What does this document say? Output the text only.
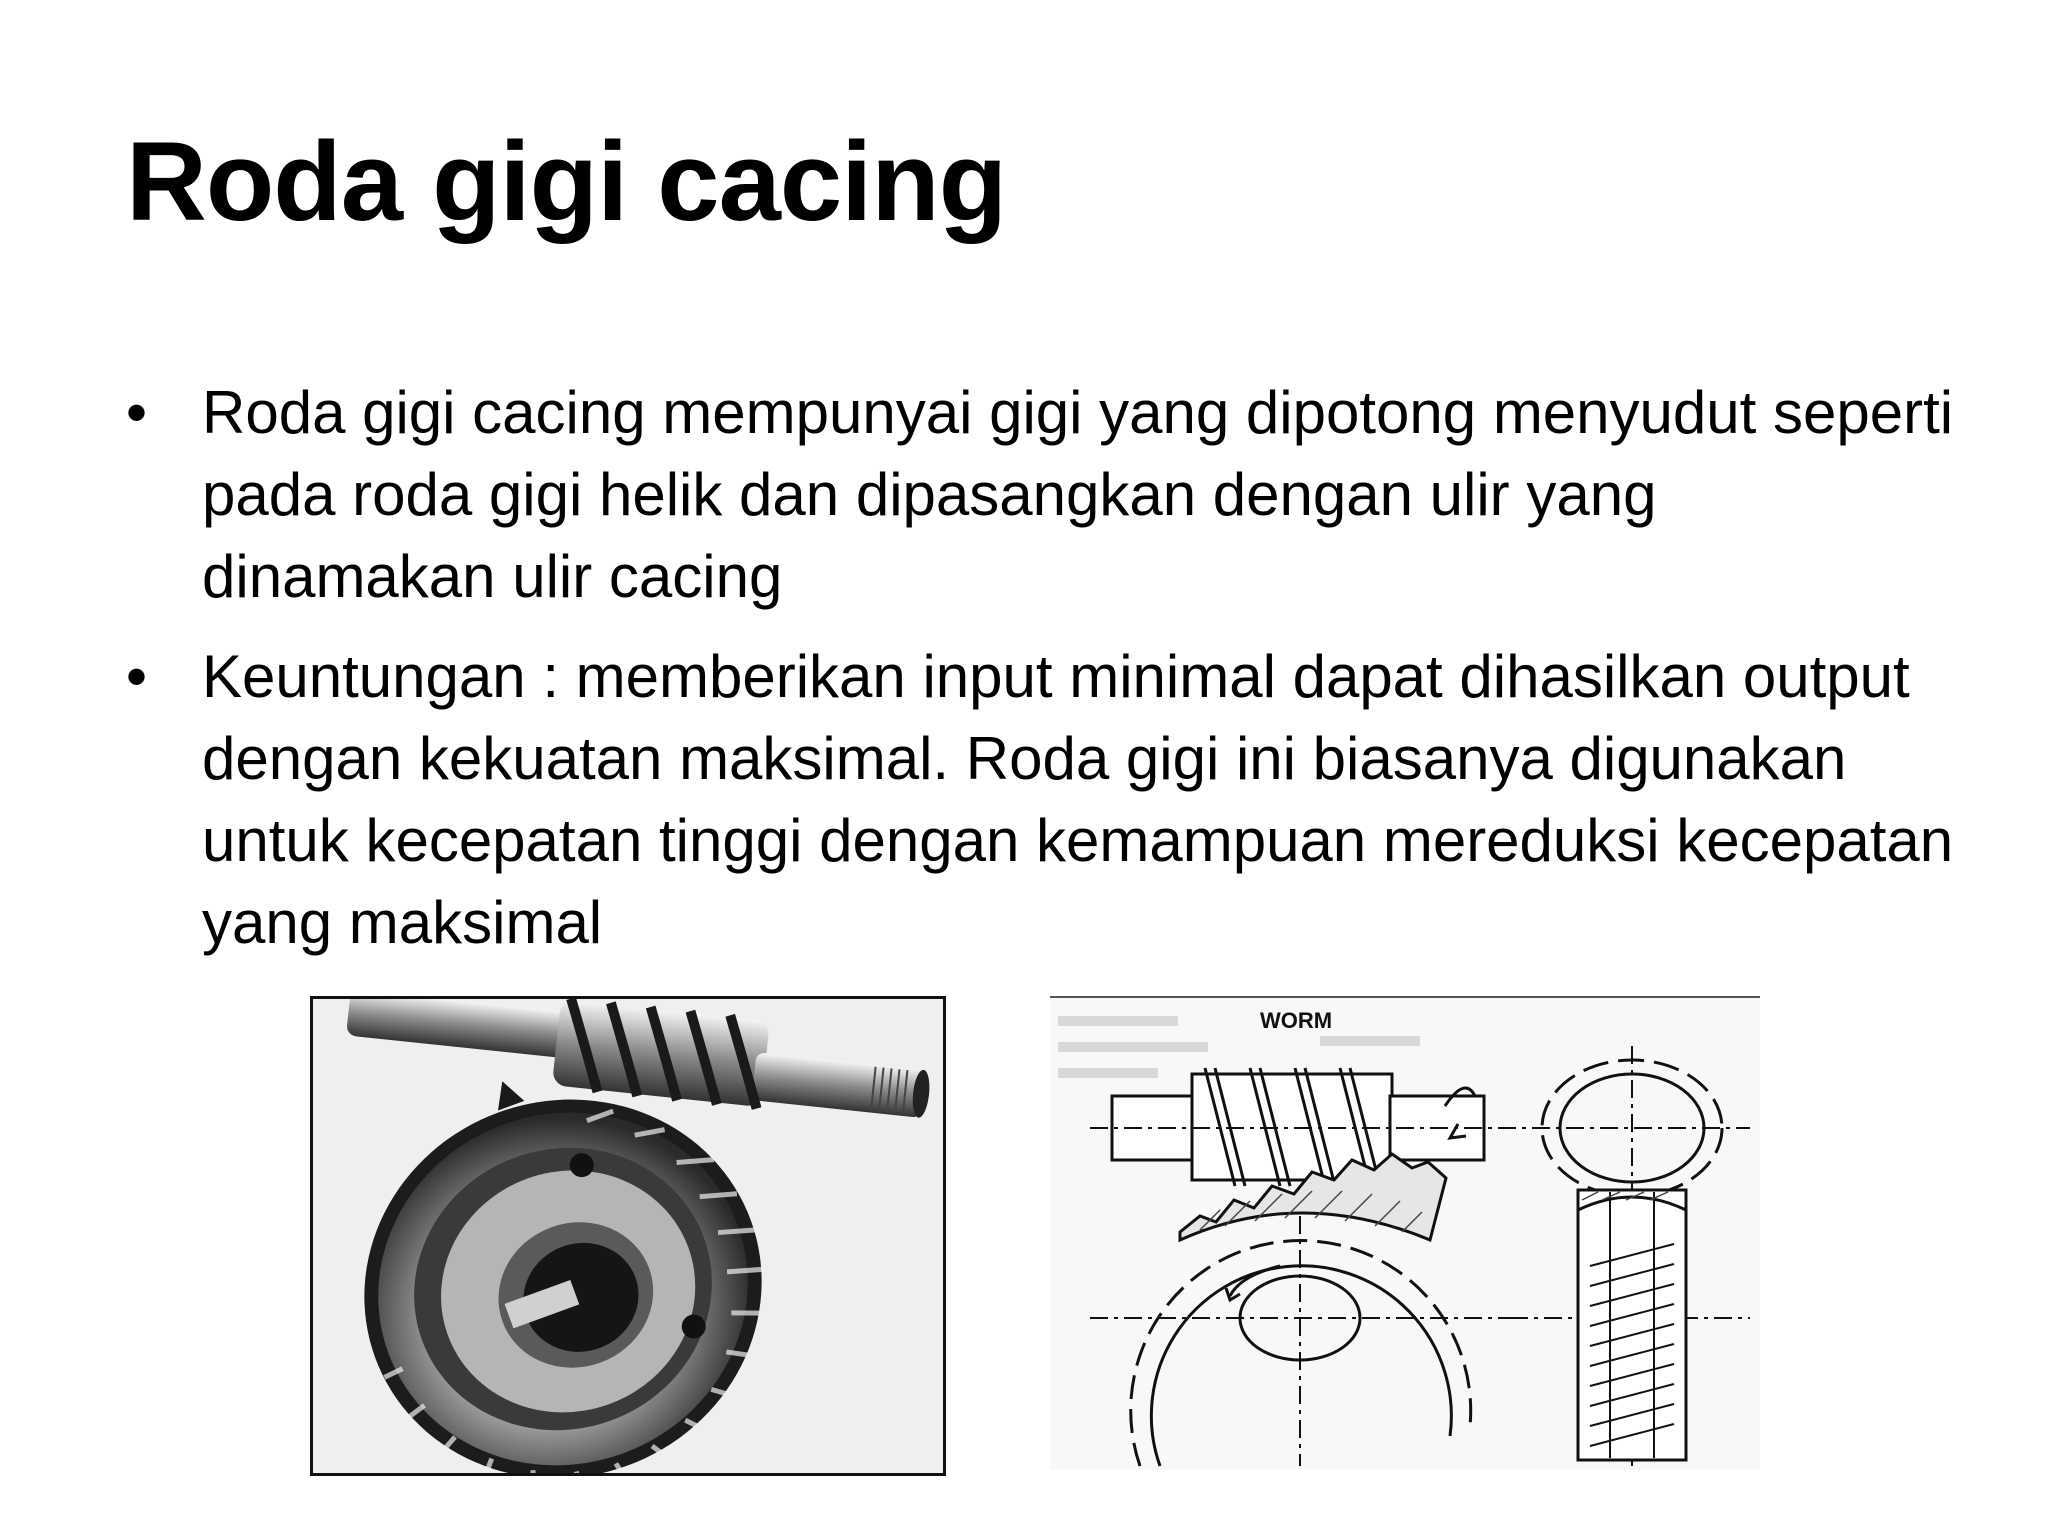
Roda gigi cacing
• Roda gigi cacing mempunyai gigi yang dipotong menyudut seperti pada roda gigi helik dan dipasangkan dengan ulir yang dinamakan ulir cacing
• Keuntungan : memberikan input minimal dapat dihasilkan output dengan kekuatan maksimal. Roda gigi ini biasanya digunakan untuk kecepatan tinggi dengan kemampuan mereduksi kecepatan yang maksimal
WORM
